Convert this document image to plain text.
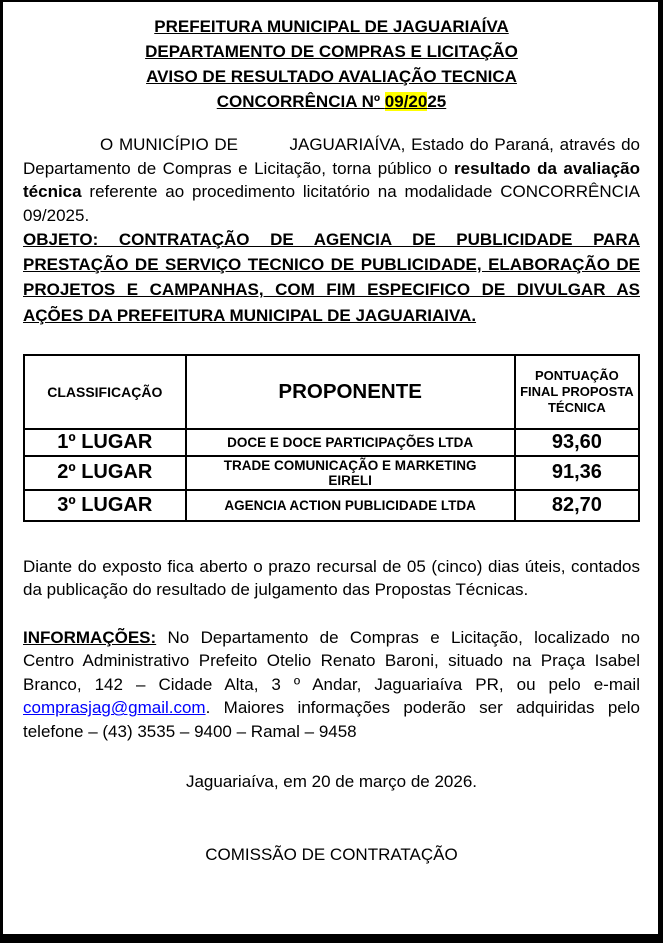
PREFEITURA MUNICIPAL DE JAGUARIAÍVA
DEPARTAMENTO DE COMPRAS E LICITAÇÃO
AVISO DE RESULTADO AVALIAÇÃO TECNICA
CONCORRÊNCIA Nº 09/2025

O MUNICÍPIO DE         JAGUARIAÍVA, Estado do Paraná, através do Departamento de Compras e Licitação, torna público o resultado da avaliação técnica referente ao procedimento licitatório na modalidade CONCORRÊNCIA 09/2025.

OBJETO: CONTRATAÇÃO DE AGENCIA DE PUBLICIDADE PARA PRESTAÇÃO DE SERVIÇO TECNICO DE PUBLICIDADE, ELABORAÇÃO DE PROJETOS E CAMPANHAS, COM FIM ESPECIFICO DE DIVULGAR AS AÇÕES DA PREFEITURA MUNICIPAL DE JAGUARIAIVA.

CLASSIFICAÇÃO	PROPONENTE	PONTUAÇÃO FINAL PROPOSTA TÉCNICA
1º LUGAR	DOCE E DOCE PARTICIPAÇÕES LTDA	93,60
2º LUGAR	TRADE COMUNICAÇÃO E MARKETING EIRELI	91,36
3º LUGAR	AGENCIA ACTION PUBLICIDADE LTDA	82,70

Diante do exposto fica aberto o prazo recursal de 05 (cinco) dias úteis, contados da publicação do resultado de julgamento das Propostas Técnicas.

INFORMAÇÕES: No Departamento de Compras e Licitação, localizado no Centro Administrativo Prefeito Otelio Renato Baroni, situado na Praça Isabel Branco, 142 – Cidade Alta, 3 º Andar, Jaguariaíva PR, ou pelo e-mail comprasjag@gmail.com. Maiores informações poderão ser adquiridas pelo telefone – (43) 3535 – 9400 – Ramal – 9458

Jaguariaíva, em 20 de março de 2026.

COMISSÃO DE CONTRATAÇÃO
